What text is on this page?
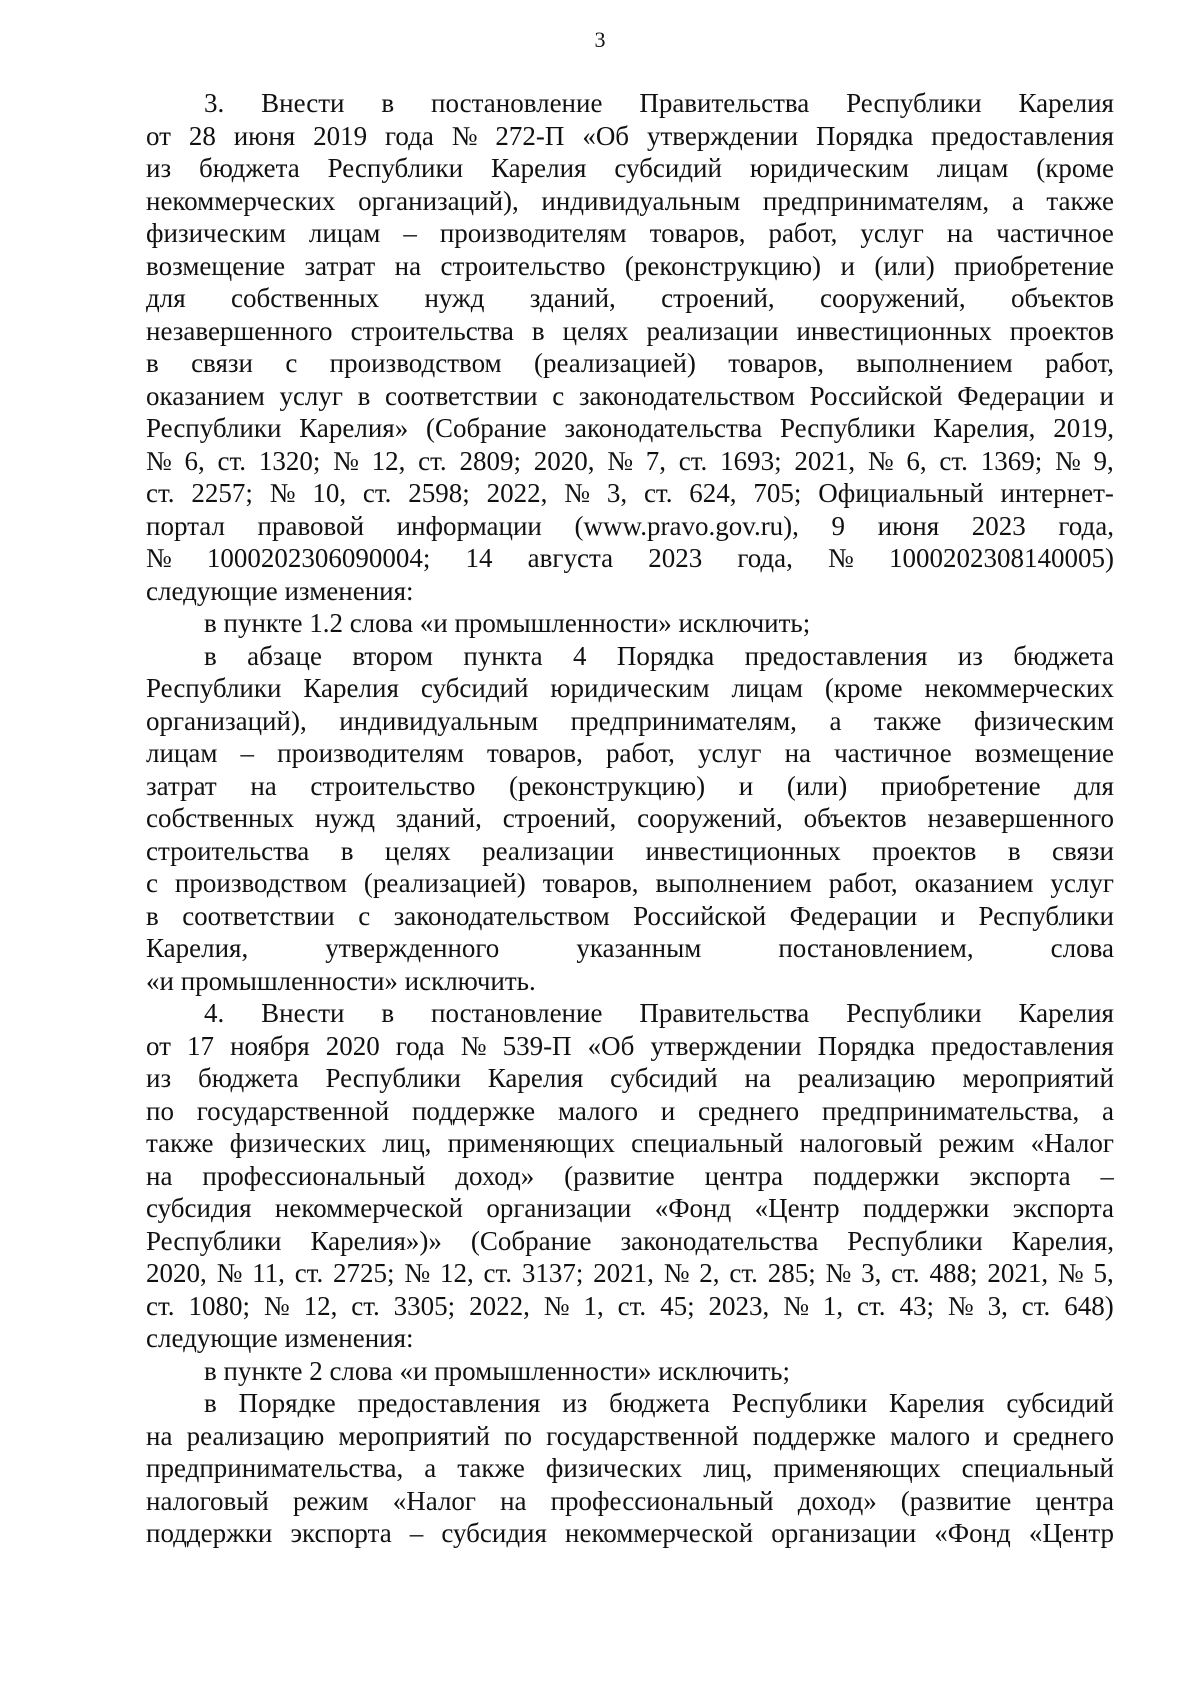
3
3. Внести в постановление Правительства Республики Карелия
от 28 июня 2019 года № 272-П «Об утверждении Порядка предоставления
из бюджета Республики Карелия субсидий юридическим лицам (кроме
некоммерческих организаций), индивидуальным предпринимателям, а также
физическим лицам – производителям товаров, работ, услуг на частичное
возмещение затрат на строительство (реконструкцию) и (или) приобретение
для собственных нужд зданий, строений, сооружений, объектов
незавершенного строительства в целях реализации инвестиционных проектов
в связи с производством (реализацией) товаров, выполнением работ,
оказанием услуг в соответствии с законодательством Российской Федерации и
Республики Карелия» (Собрание законодательства Республики Карелия, 2019,
№ 6, ст. 1320; № 12, ст. 2809; 2020, № 7, ст. 1693; 2021, № 6, ст. 1369; № 9,
ст. 2257; № 10, ст. 2598; 2022, № 3, ст. 624, 705; Официальный интернет-
портал правовой информации (www.pravo.gov.ru), 9 июня 2023 года,
№ 1000202306090004; 14 августа 2023 года, № 1000202308140005)
следующие изменения:
в пункте 1.2 слова «и промышленности» исключить;
в абзаце втором пункта 4 Порядка предоставления из бюджета
Республики Карелия субсидий юридическим лицам (кроме некоммерческих
организаций), индивидуальным предпринимателям, а также физическим
лицам – производителям товаров, работ, услуг на частичное возмещение
затрат на строительство (реконструкцию) и (или) приобретение для
собственных нужд зданий, строений, сооружений, объектов незавершенного
строительства в целях реализации инвестиционных проектов в связи
с производством (реализацией) товаров, выполнением работ, оказанием услуг
в соответствии с законодательством Российской Федерации и Республики
Карелия,	утвержденного	указанным	постановлением,	слова
«и промышленности» исключить.
4. Внести в постановление Правительства Республики Карелия
от 17 ноября 2020 года № 539-П «Об утверждении Порядка предоставления
из бюджета Республики Карелия субсидий на реализацию мероприятий
по государственной поддержке малого и среднего предпринимательства, а
также физических лиц, применяющих специальный налоговый режим «Налог
на профессиональный доход» (развитие центра поддержки экспорта –
субсидия некоммерческой организации «Фонд «Центр поддержки экспорта
Республики Карелия»)» (Собрание законодательства Республики Карелия,
2020, № 11, ст. 2725; № 12, ст. 3137; 2021, № 2, ст. 285; № 3, ст. 488; 2021, № 5,
ст. 1080; № 12, ст. 3305; 2022, № 1, ст. 45; 2023, № 1, ст. 43; № 3, ст. 648)
следующие изменения:
в пункте 2 слова «и промышленности» исключить;
в Порядке предоставления из бюджета Республики Карелия субсидий
на реализацию мероприятий по государственной поддержке малого и среднего
предпринимательства, а также физических лиц, применяющих специальный
налоговый режим «Налог на профессиональный доход» (развитие центра
поддержки экспорта – субсидия некоммерческой организации «Фонд «Центр
